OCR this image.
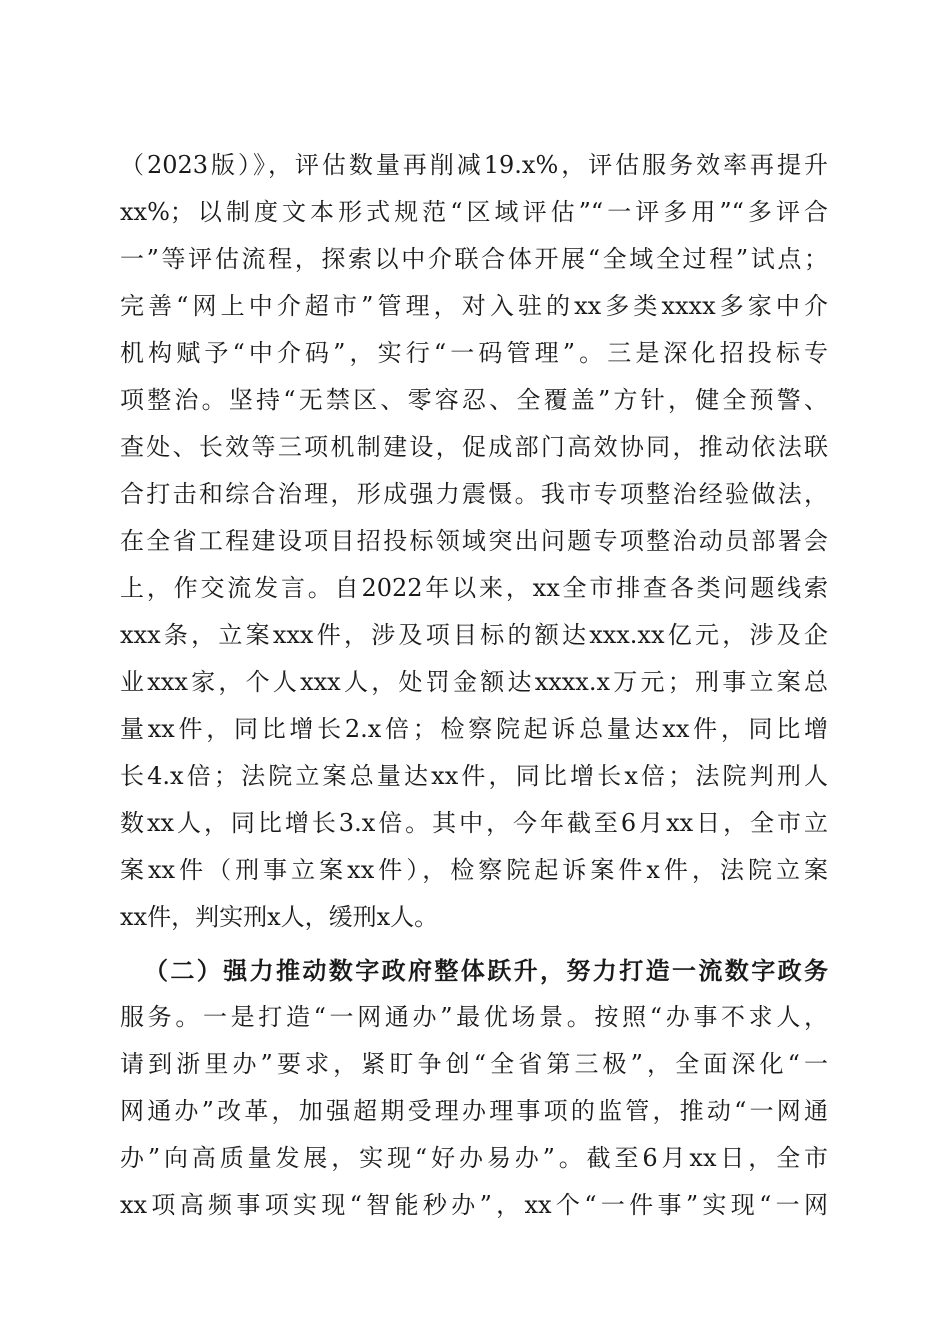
（2023版）》，评估数量再削减19.x%，评估服务效率再提升
xx%；以制度文本形式规范“区域评估”“一评多用”“多评合
一”等评估流程，探索以中介联合体开展“全域全过程”试点；
完善“网上中介超市”管理，对入驻的xx多类xxxx多家中介
机构赋予“中介码”，实行“一码管理”。三是深化招投标专
项整治。坚持“无禁区、零容忍、全覆盖”方针，健全预警、
查处、长效等三项机制建设，促成部门高效协同，推动依法联
合打击和综合治理，形成强力震慑。我市专项整治经验做法，
在全省工程建设项目招投标领域突出问题专项整治动员部署会
上，作交流发言。自2022年以来，xx全市排查各类问题线索
xxx条，立案xxx件，涉及项目标的额达xxx.xx亿元，涉及企
业xxx家，个人xxx人，处罚金额达xxxx.x万元；刑事立案总
量xx件，同比增长2.x倍；检察院起诉总量达xx件，同比增
长4.x倍；法院立案总量达xx件，同比增长x倍；法院判刑人
数xx人，同比增长3.x倍。其中，今年截至6月xx日，全市立
案xx件（刑事立案xx件），检察院起诉案件x件，法院立案
xx件，判实刑x人，缓刑x人。
（二）强力推动数字政府整体跃升，努力打造一流数字政务
服务。一是打造“一网通办”最优场景。按照“办事不求人，
请到浙里办”要求，紧盯争创“全省第三极”，全面深化“一
网通办”改革，加强超期受理办理事项的监管，推动“一网通
办”向高质量发展，实现“好办易办”。截至6月xx日，全市
xx项高频事项实现“智能秒办”，xx个“一件事”实现“一网
